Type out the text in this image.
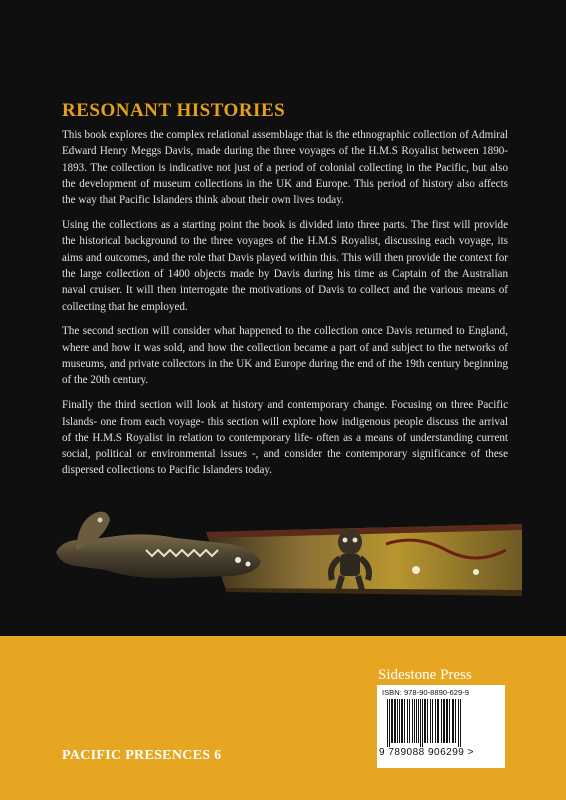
RESONANT HISTORIES

This book explores the complex relational assemblage that is the ethnographic collection of Admiral Edward Henry Meggs Davis, made during the three voyages of the H.M.S Royalist between 1890-1893. The collection is indicative not just of a period of colonial collecting in the Pacific, but also the development of museum collections in the UK and Europe. This period of history also affects the way that Pacific Islanders think about their own lives today.

Using the collections as a starting point the book is divided into three parts. The first will provide the historical background to the three voyages of the H.M.S Royalist, discussing each voyage, its aims and outcomes, and the role that Davis played within this. This will then provide the context for the large collection of 1400 objects made by Davis during his time as Captain of the Australian naval cruiser. It will then interrogate the motivations of Davis to collect and the various means of collecting that he employed.

The second section will consider what happened to the collection once Davis returned to England, where and how it was sold, and how the collection became a part of and subject to the networks of museums, and private collectors in the UK and Europe during the end of the 19th century beginning of the 20th century.

Finally the third section will look at history and contemporary change. Focusing on three Pacific Islands- one from each voyage- this section will explore how indigenous people discuss the arrival of the H.M.S Royalist in relation to contemporary life- often as a means of understanding current social, political or environmental issues -, and consider the contemporary significance of these dispersed collections to Pacific Islanders today.

Sidestone Press
ISBN: 978-90-8890-629-9
9 789088 906299 >
PACIFIC PRESENCES 6
